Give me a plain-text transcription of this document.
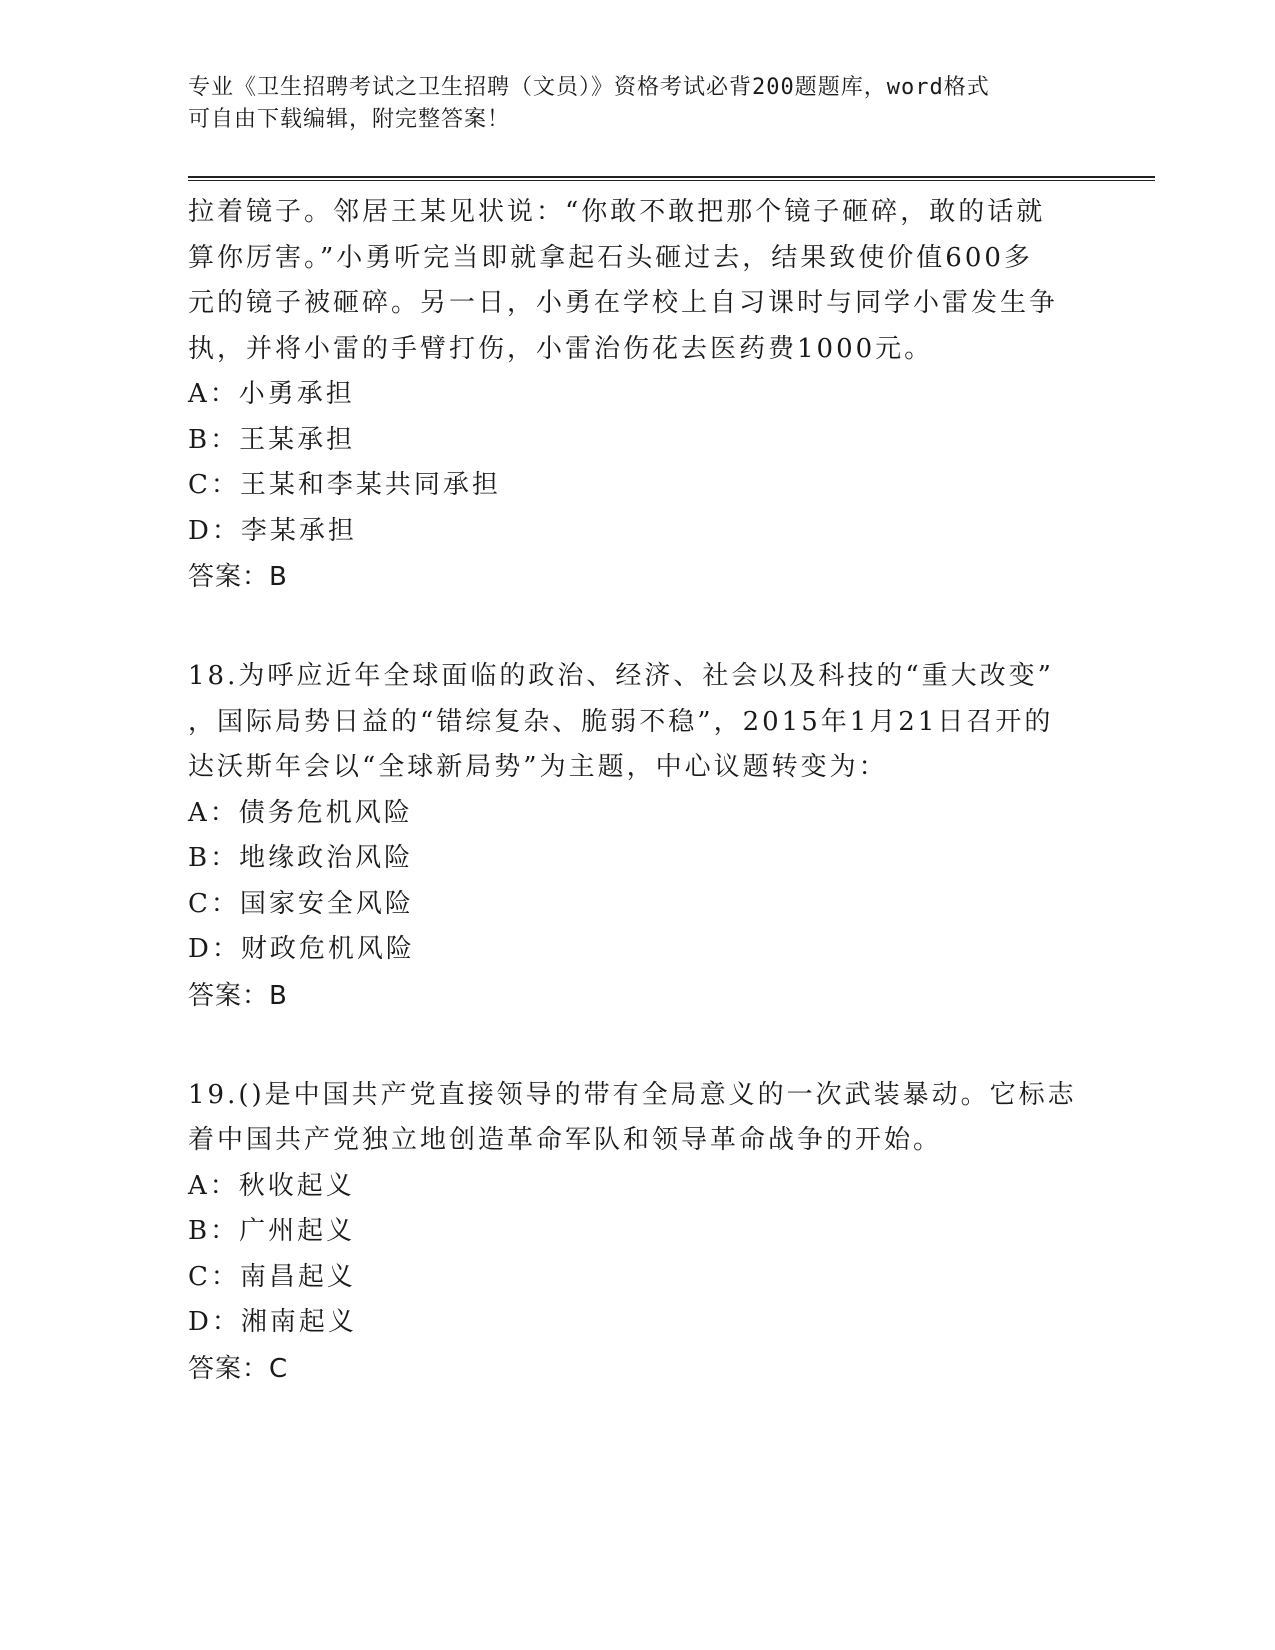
专业《卫生招聘考试之卫生招聘（文员）》资格考试必背200题题库，word格式
可自由下载编辑，附完整答案！

拉着镜子。邻居王某见状说：“你敢不敢把那个镜子砸碎，敢的话就

算你厉害。”小勇听完当即就拿起石头砸过去，结果致使价值600多

元的镜子被砸碎。另一日，小勇在学校上自习课时与同学小雷发生争

执，并将小雷的手臂打伤，小雷治伤花去医药费1000元。

A：小勇承担

B：王某承担

C：王某和李某共同承担

D：李某承担

答案：B

18.为呼应近年全球面临的政治、经济、社会以及科技的“重大改变”

，国际局势日益的“错综复杂、脆弱不稳”，2015年1月21日召开的

达沃斯年会以“全球新局势”为主题，中心议题转变为：

A：债务危机风险

B：地缘政治风险

C：国家安全风险

D：财政危机风险

答案：B

19.()是中国共产党直接领导的带有全局意义的一次武装暴动。它标志

着中国共产党独立地创造革命军队和领导革命战争的开始。

A：秋收起义

B：广州起义

C：南昌起义

D：湘南起义

答案：C
